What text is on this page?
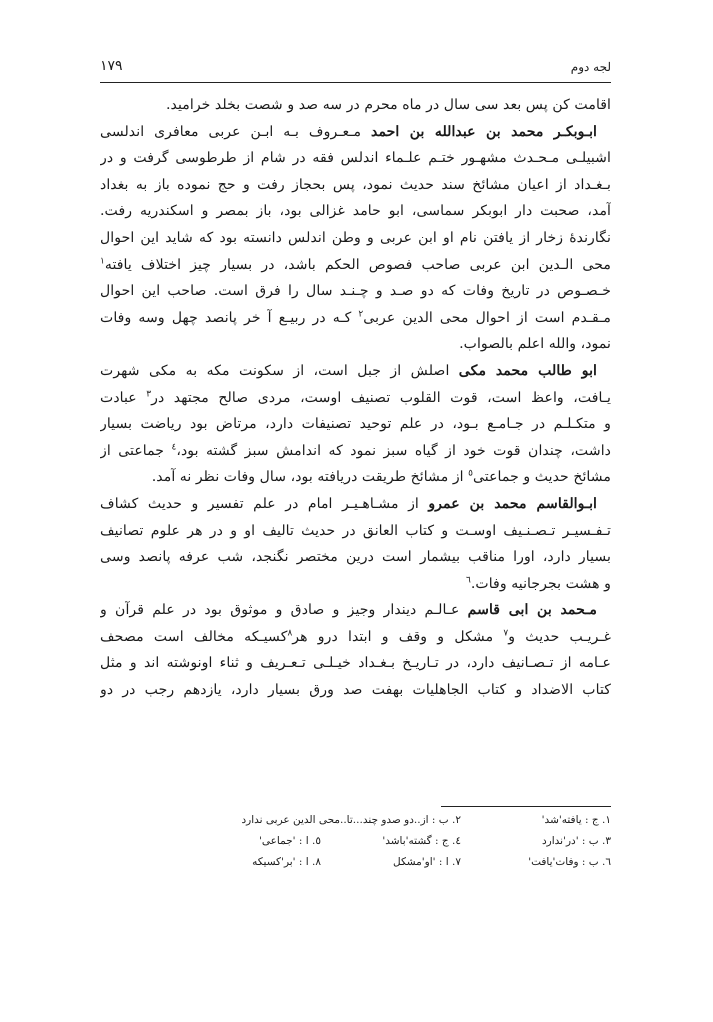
لجه دوم
۱۷۹
اقامت کن پس بعد سی سال در ماه محرم در سه صد و شصت بخلد خرامید.
ابـوبکـر محمد بن عبدالله بن احمد مـعـروف بـه ابـن عربی معافری اندلسی
اشبیلـی مـحـدث مشهـور ختـم علـماء اندلس فقه در شام از طرطوسی گرفت و در
بـغـداد از اعیان مشائخ سند حدیث نمود، پس بحجاز رفت و حج نموده باز به بغداد
آمد، صحبت دار ابوبکر سماسی، ابو حامد غزالی بود، باز بمصر و اسکندریه رفت.
نگارندهٔ زخار از یافتن نام او ابن عربی و وطن اندلس دانسته بود که شاید این احوال
محی الـدین ابن عربی صاحب فصوص الحکم باشد، در بسیار چیز اختلاف یافته$^۱$
خـصـوص در تاریخ وفات که دو صـد و چـنـد سال را فرق است. صاحب این احوال
مـقـدم است از احوال محی الدین عربی$^۲$ کـه در ربیـع آ خر پانصد چهل وسه وفات
نمود، والله اعلم بالصواب.
ابو طالب محمد مکی اصلش از جبل است، از سکونت مکه به مکی شهرت
یـافت، واعظ است، قوت القلوب تصنیف اوست، مردی صالح مجتهد در$^۳$ عبادت
و متکـلـم در جـامـع بـود، در علم توحید تصنیفات دارد، مرتاض بود ریاضت بسیار
داشت، چندان قوت خود از گیاه سبز نمود که اندامش سبز گشته بود،$^٤$ جماعتی از
مشائخ حدیث و جماعتی$^٥$ از مشائخ طریقت دریافته بود، سال وفات نظر نه آمد.
ابـوالقاسم محمد بن عمرو از مشـاهـیـر امام در علم تفسیر و حدیث کشاف
تـفـسیـر تـصـنـیف اوسـت و کتاب العانق در حدیث تالیف او و در هر علوم تصانیف
بسیار دارد، اورا مناقب بیشمار است درین مختصر نگنجد، شب عرفه پانصد وسی
و هشت بجرجانیه وفات.$^٦$
مـحمد بن ابی قاسم عـالـم دیندار وجیز و صادق و موثوق بود در علم قرآن و
غـریـب حدیث و$^۷$ مشکل و وقف و ابتدا درو هر$^۸$کسیـکه مخالف است مصحف
عـامه از تـصـانیف دارد، در تـاریـخ بـغـداد خیـلـی تـعـریف و ثناء اونوشته اند و مثل
کتاب الاضداد و کتاب الجاهلیات بهفت صد ورق بسیار دارد، یازدهم رجب در دو
۱. ج : یافته'شد'
۲. ب : از..دو صدو چند...تا..محی الدین عربی ندارد
۳. ب : 'در'ندارد
٤. ج : گشته'باشد'
٥. ا : 'جماعی'
٦. ب : وفات'یافت'
۷. ا : 'او'مشکل
۸. ا : 'بر'کسیکه
